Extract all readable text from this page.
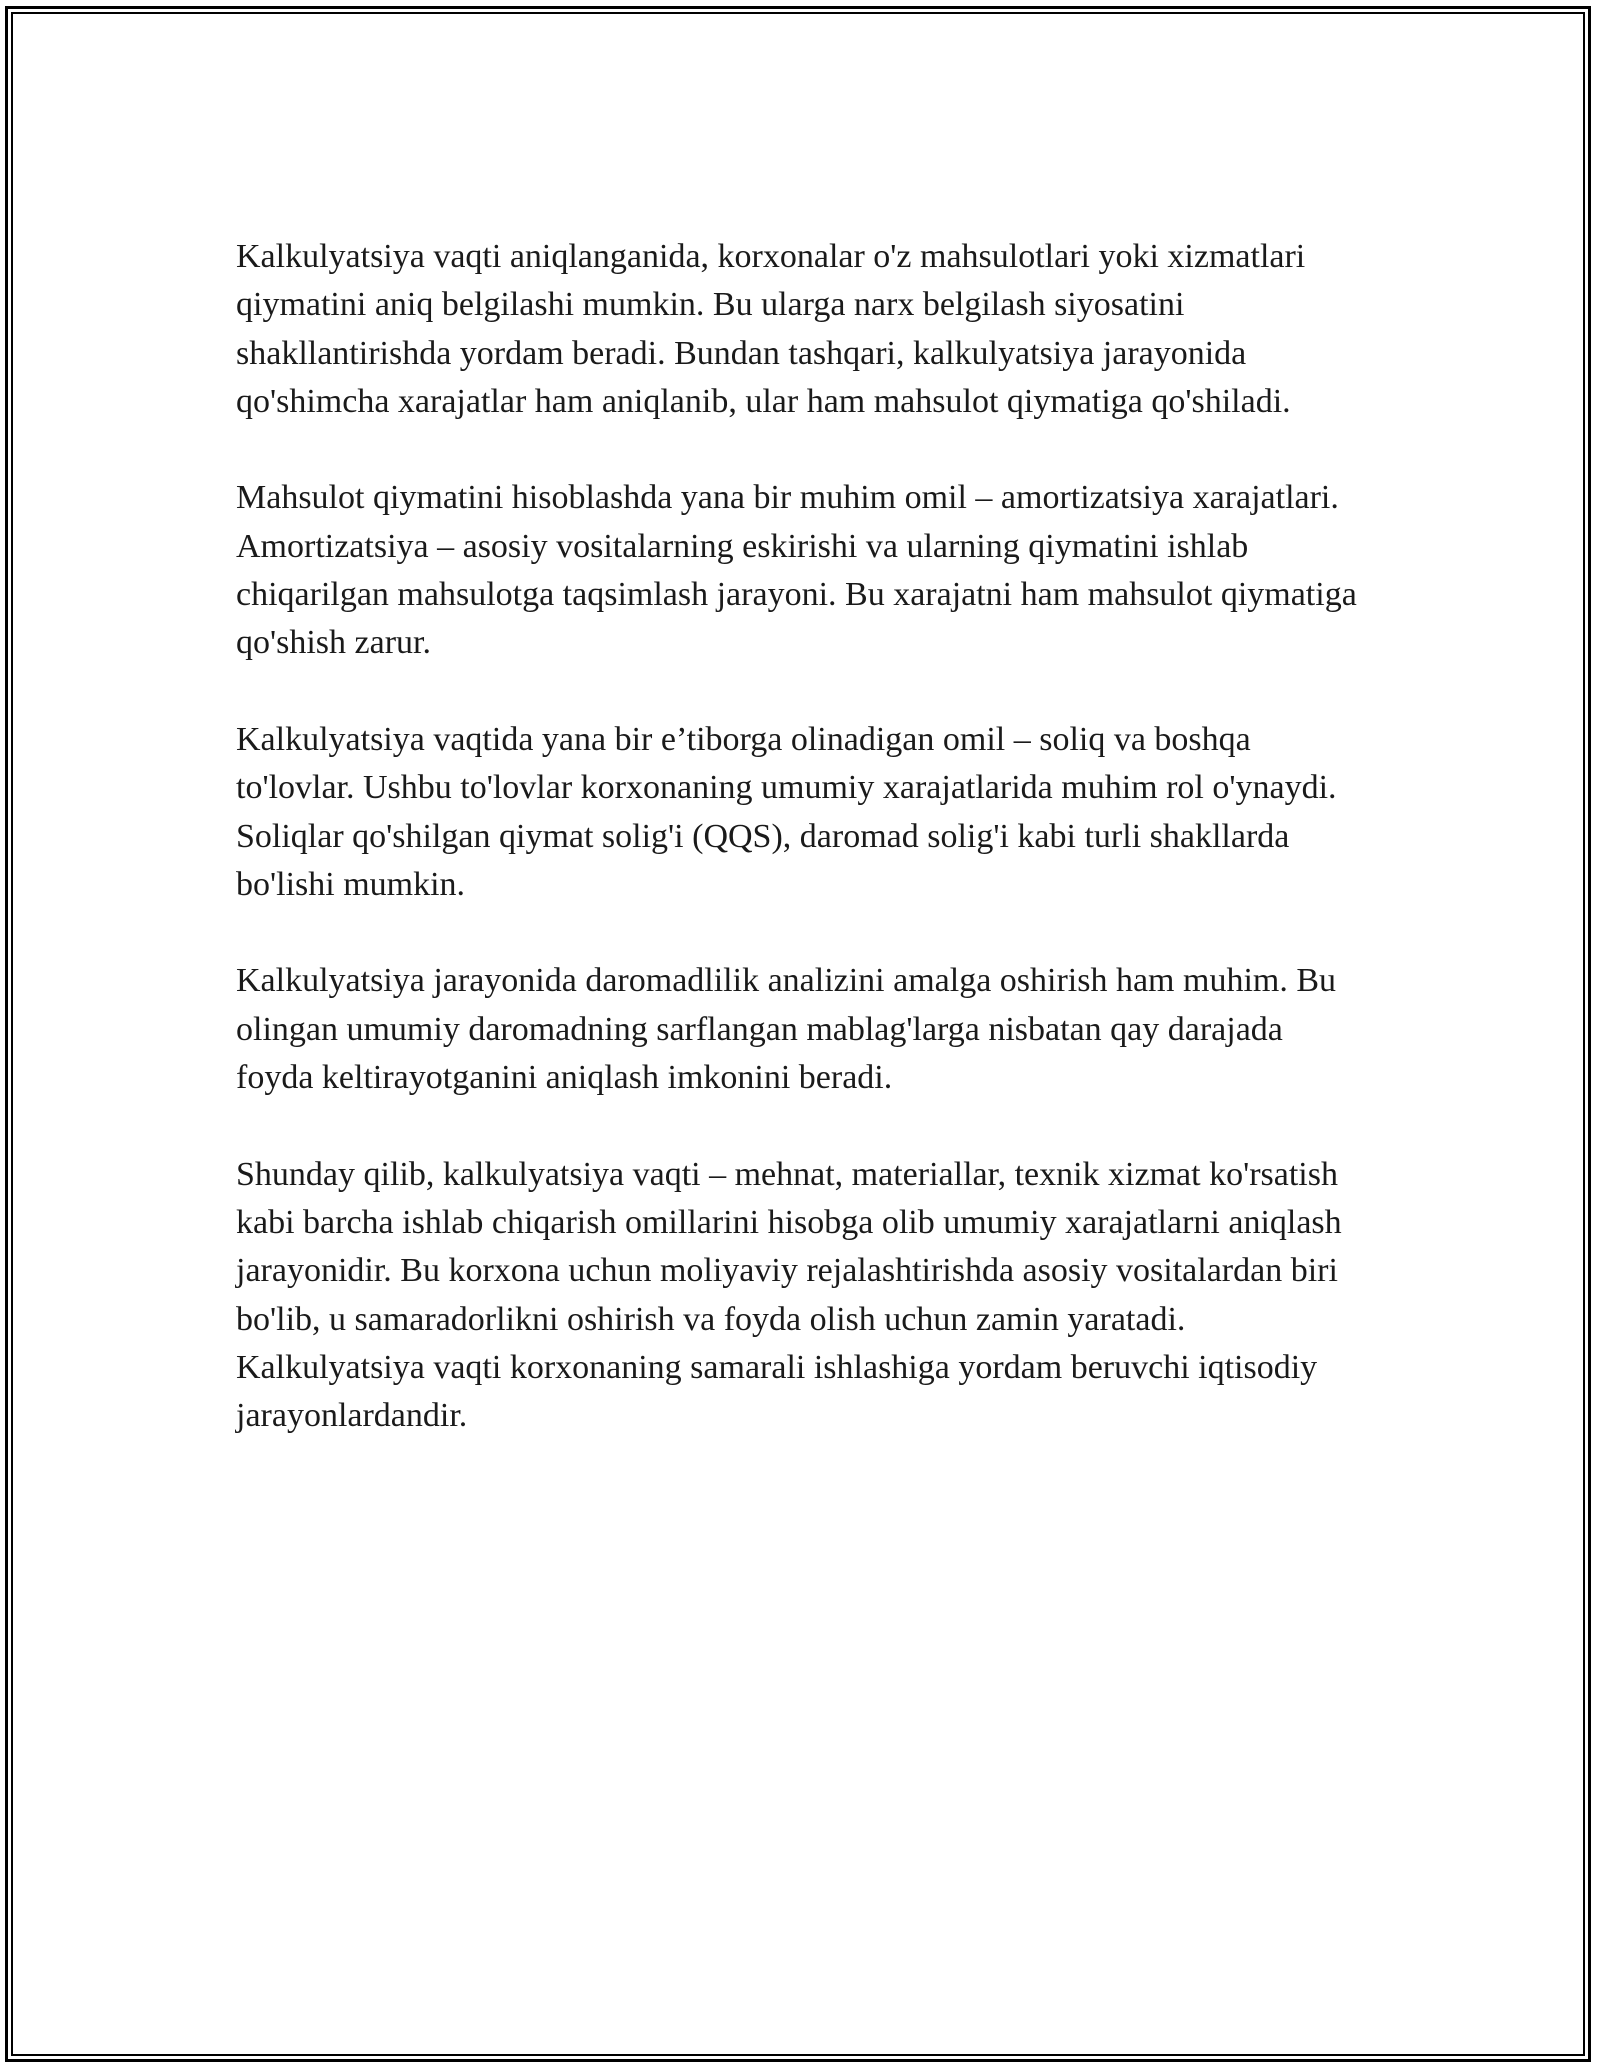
Kalkulyatsiya vaqti aniqlanganida, korxonalar o'z mahsulotlari yoki xizmatlari qiymatini aniq belgilashi mumkin. Bu ularga narx belgilash siyosatini shakllantirishda yordam beradi. Bundan tashqari, kalkulyatsiya jarayonida qo'shimcha xarajatlar ham aniqlanib, ular ham mahsulot qiymatiga qo'shiladi.

Mahsulot qiymatini hisoblashda yana bir muhim omil – amortizatsiya xarajatlari. Amortizatsiya – asosiy vositalarning eskirishi va ularning qiymatini ishlab chiqarilgan mahsulotga taqsimlash jarayoni. Bu xarajatni ham mahsulot qiymatiga qo'shish zarur.

Kalkulyatsiya vaqtida yana bir e’tiborga olinadigan omil – soliq va boshqa to'lovlar. Ushbu to'lovlar korxonaning umumiy xarajatlarida muhim rol o'ynaydi. Soliqlar qo'shilgan qiymat solig'i (QQS), daromad solig'i kabi turli shakllarda bo'lishi mumkin.

Kalkulyatsiya jarayonida daromadlilik analizini amalga oshirish ham muhim. Bu olingan umumiy daromadning sarflangan mablag'larga nisbatan qay darajada foyda keltirayotganini aniqlash imkonini beradi.

Shunday qilib, kalkulyatsiya vaqti – mehnat, materiallar, texnik xizmat ko'rsatish kabi barcha ishlab chiqarish omillarini hisobga olib umumiy xarajatlarni aniqlash jarayonidir. Bu korxona uchun moliyaviy rejalashtirishda asosiy vositalardan biri bo'lib, u samaradorlikni oshirish va foyda olish uchun zamin yaratadi. Kalkulyatsiya vaqti korxonaning samarali ishlashiga yordam beruvchi iqtisodiy jarayonlardandir.
